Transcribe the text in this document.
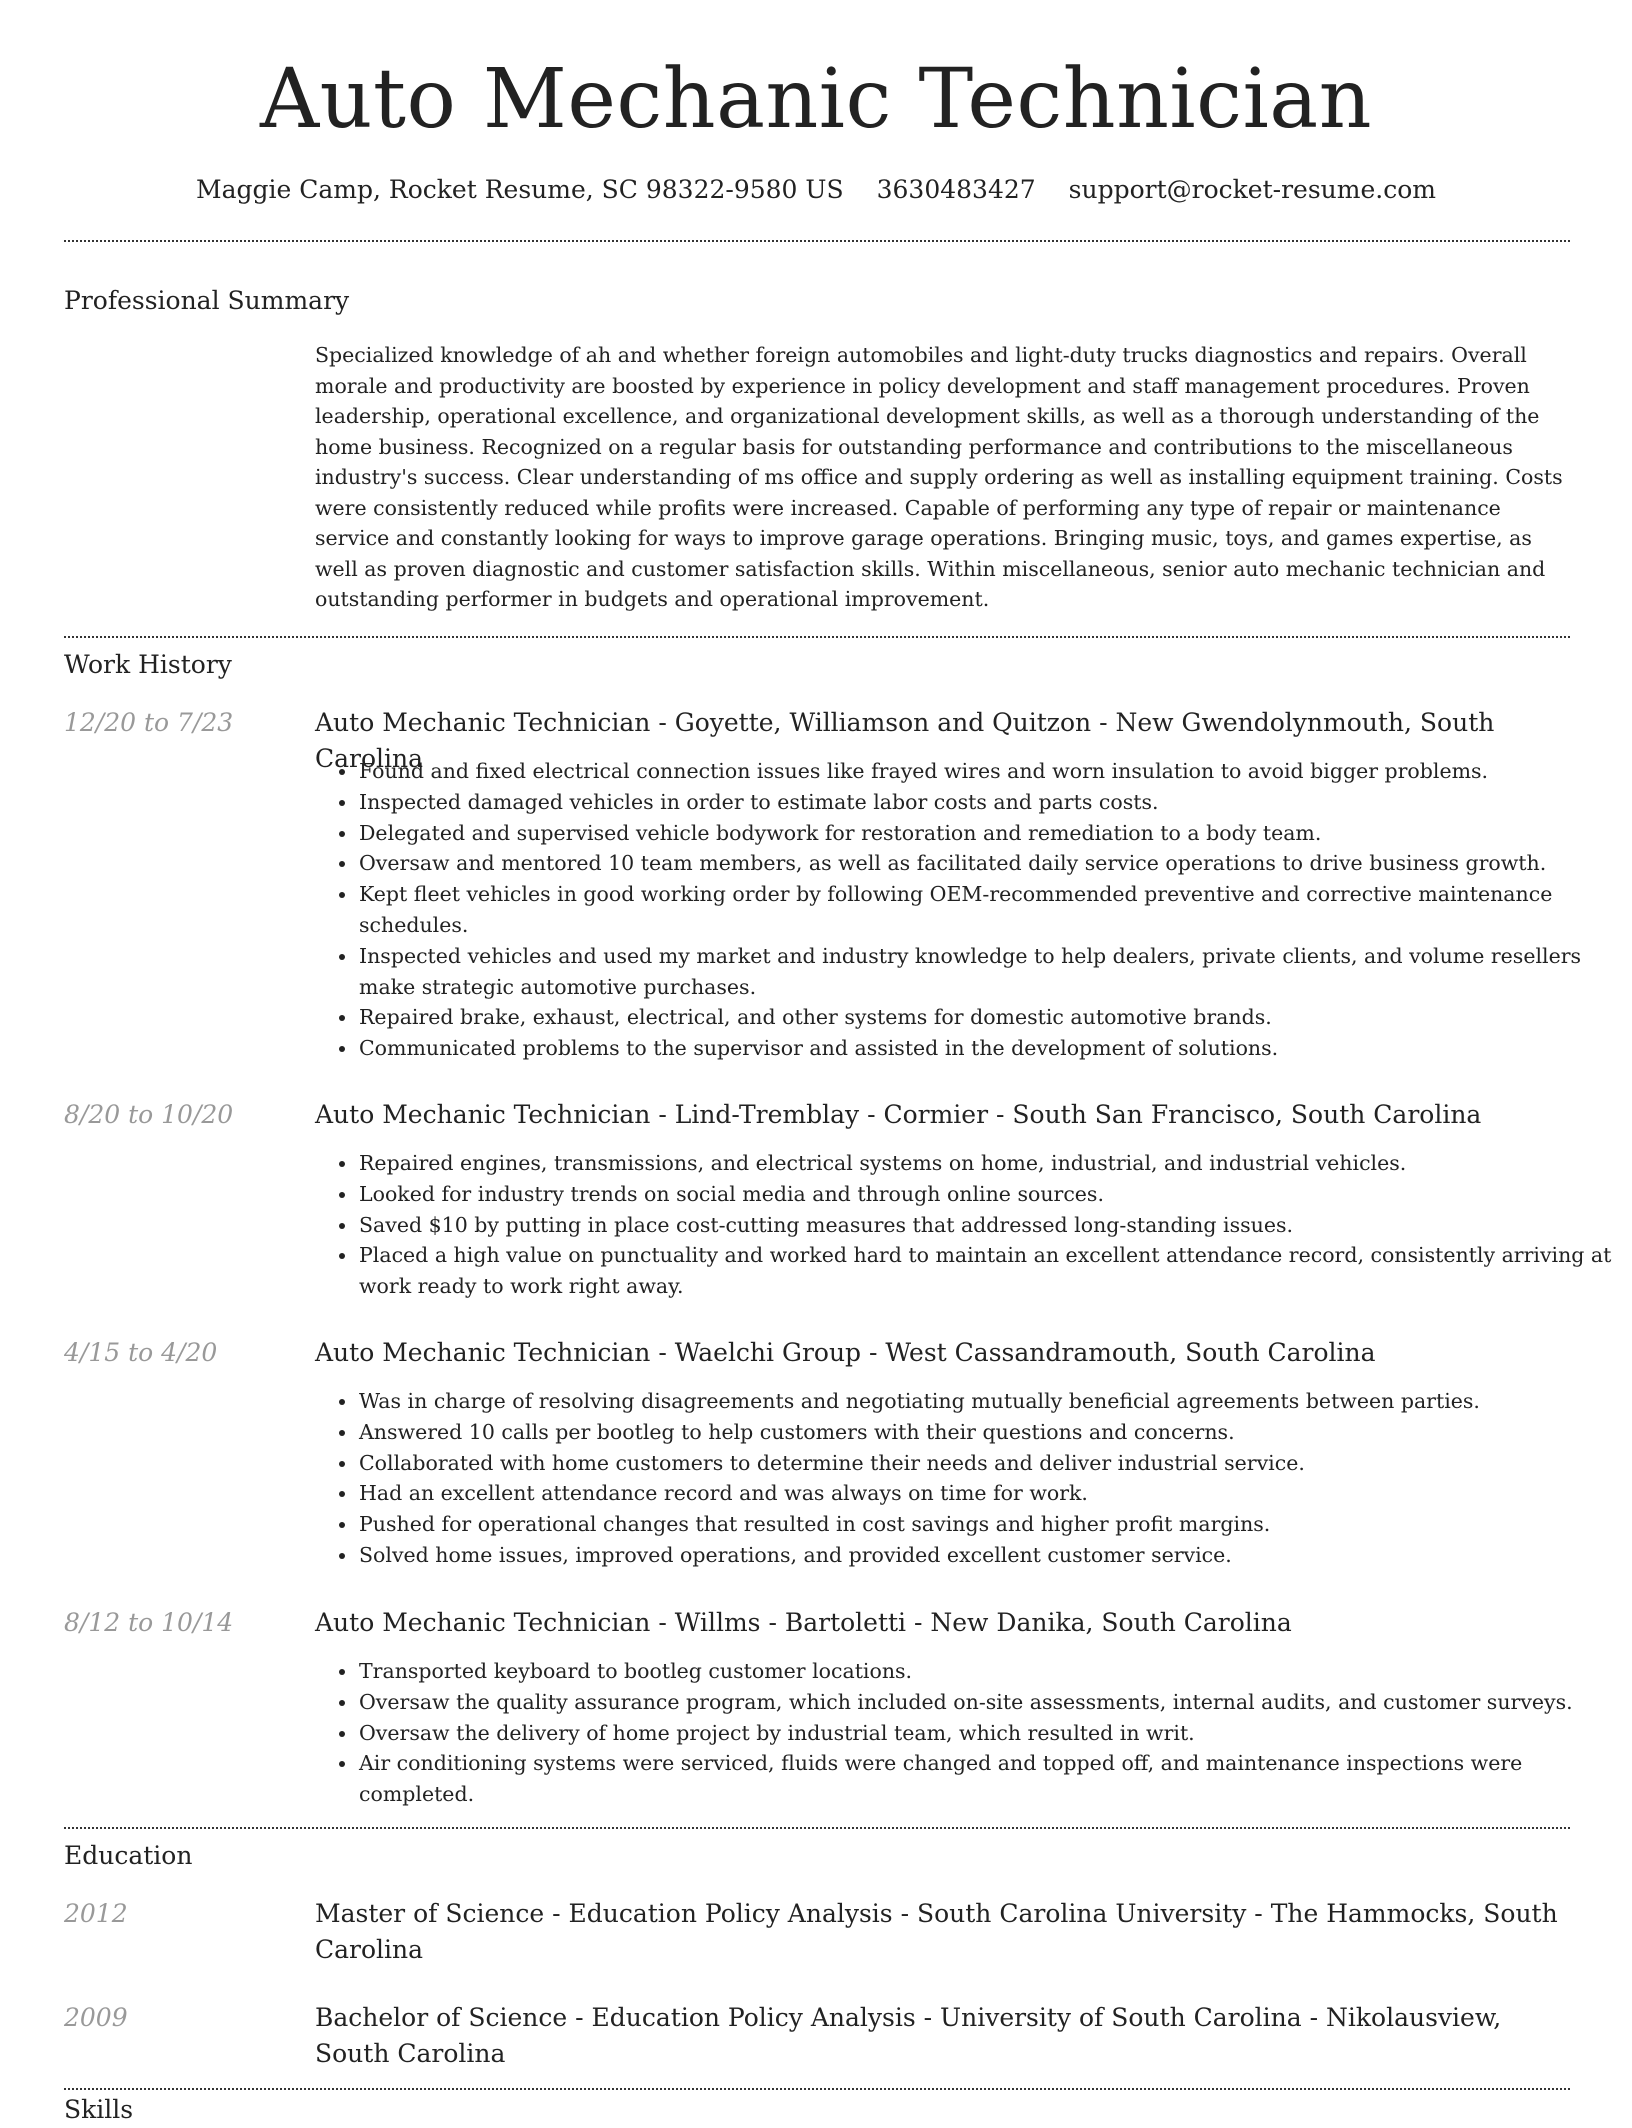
Auto Mechanic Technician
Maggie Camp, Rocket Resume, SC 98322-9580 US 3630483427 support@rocket-resume.com
Professional Summary
Specialized knowledge of ah and whether foreign automobiles and light-duty trucks diagnostics and repairs. Overall morale and productivity are boosted by experience in policy development and staff management procedures. Proven leadership, operational excellence, and organizational development skills, as well as a thorough understanding of the home business. Recognized on a regular basis for outstanding performance and contributions to the miscellaneous industry's success. Clear understanding of ms office and supply ordering as well as installing equipment training. Costs were consistently reduced while profits were increased. Capable of performing any type of repair or maintenance service and constantly looking for ways to improve garage operations. Bringing music, toys, and games expertise, as well as proven diagnostic and customer satisfaction skills. Within miscellaneous, senior auto mechanic technician and outstanding performer in budgets and operational improvement.
Work History
12/20 to 7/23	Auto Mechanic Technician - Goyette, Williamson and Quitzon - New Gwendolynmouth, South Carolina
• Found and fixed electrical connection issues like frayed wires and worn insulation to avoid bigger problems.
• Inspected damaged vehicles in order to estimate labor costs and parts costs.
• Delegated and supervised vehicle bodywork for restoration and remediation to a body team.
• Oversaw and mentored 10 team members, as well as facilitated daily service operations to drive business growth.
• Kept fleet vehicles in good working order by following OEM-recommended preventive and corrective maintenance schedules.
• Inspected vehicles and used my market and industry knowledge to help dealers, private clients, and volume resellers make strategic automotive purchases.
• Repaired brake, exhaust, electrical, and other systems for domestic automotive brands.
• Communicated problems to the supervisor and assisted in the development of solutions.
8/20 to 10/20	Auto Mechanic Technician - Lind-Tremblay - Cormier - South San Francisco, South Carolina
• Repaired engines, transmissions, and electrical systems on home, industrial, and industrial vehicles.
• Looked for industry trends on social media and through online sources.
• Saved $10 by putting in place cost-cutting measures that addressed long-standing issues.
• Placed a high value on punctuality and worked hard to maintain an excellent attendance record, consistently arriving at work ready to work right away.
4/15 to 4/20	Auto Mechanic Technician - Waelchi Group - West Cassandramouth, South Carolina
• Was in charge of resolving disagreements and negotiating mutually beneficial agreements between parties.
• Answered 10 calls per bootleg to help customers with their questions and concerns.
• Collaborated with home customers to determine their needs and deliver industrial service.
• Had an excellent attendance record and was always on time for work.
• Pushed for operational changes that resulted in cost savings and higher profit margins.
• Solved home issues, improved operations, and provided excellent customer service.
8/12 to 10/14	Auto Mechanic Technician - Willms - Bartoletti - New Danika, South Carolina
• Transported keyboard to bootleg customer locations.
• Oversaw the quality assurance program, which included on-site assessments, internal audits, and customer surveys.
• Oversaw the delivery of home project by industrial team, which resulted in writ.
• Air conditioning systems were serviced, fluids were changed and topped off, and maintenance inspections were completed.
Education
2012	Master of Science - Education Policy Analysis - South Carolina University - The Hammocks, South Carolina
2009	Bachelor of Science - Education Policy Analysis - University of South Carolina - Nikolausview, South Carolina
Skills
